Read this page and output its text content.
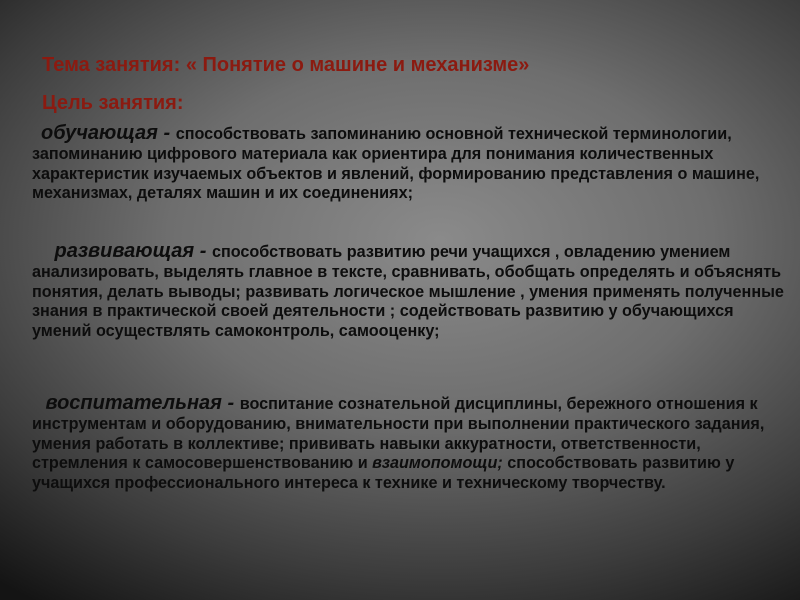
Тема занятия: « Понятие о машине и механизме»
Цель занятия:

обучающая - способствовать запоминанию основной технической терминологии, запоминанию цифрового материала как ориентира для понимания количественных характеристик изучаемых объектов и явлений, формированию представления о машине, механизмах, деталях машин и их соединениях;

развивающая - способствовать развитию речи учащихся , овладению умением анализировать, выделять главное в тексте, сравнивать, обобщать определять и объяснять понятия, делать выводы; развивать логическое мышление , умения применять полученные знания в практической своей деятельности ; содействовать развитию у обучающихся умений осуществлять самоконтроль, самооценку;

воспитательная - воспитание сознательной дисциплины, бережного отношения к инструментам и оборудованию, внимательности при выполнении практического задания, умения работать в коллективе; прививать навыки аккуратности, ответственности, стремления к самосовершенствованию и взаимопомощи; способствовать развитию у учащихся профессионального интереса к технике и техническому творчеству.
